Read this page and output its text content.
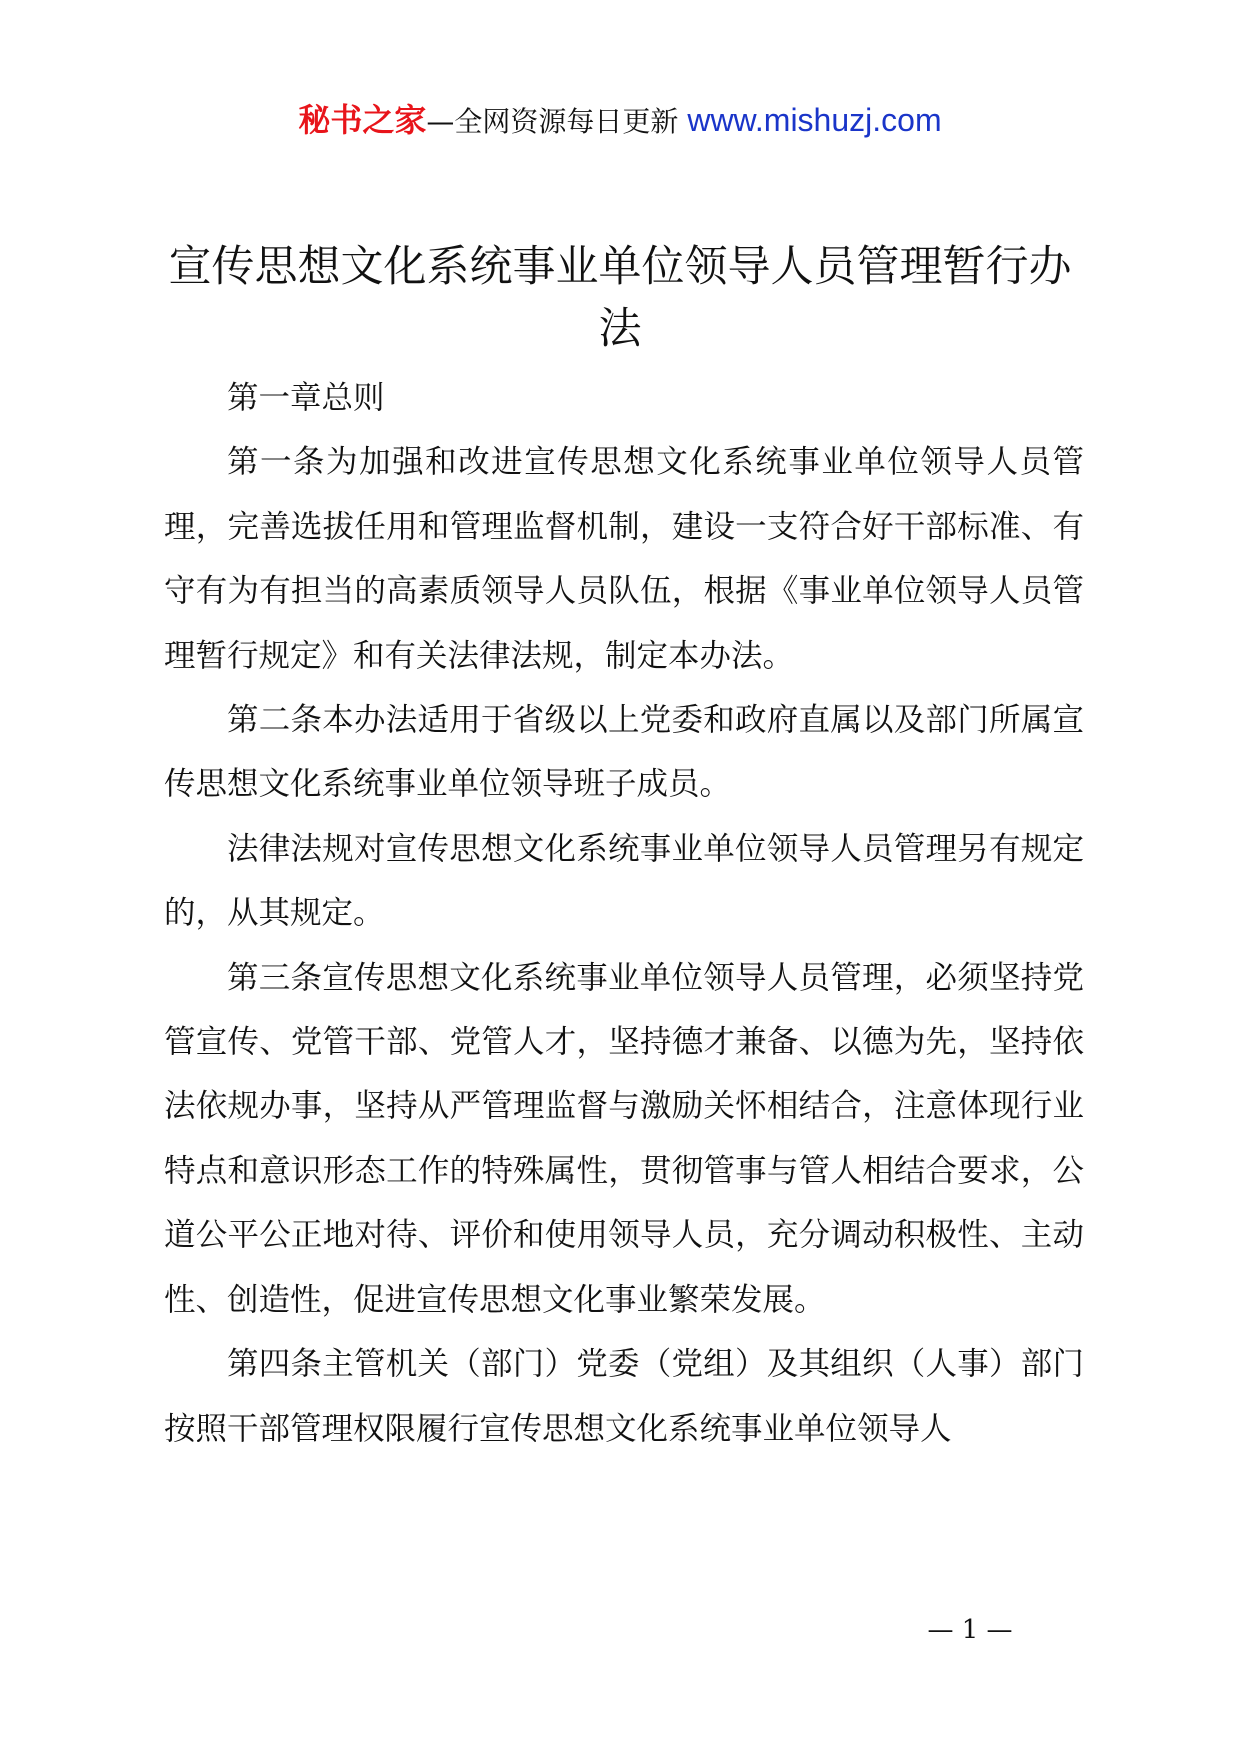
秘书之家—全网资源每日更新 www.mishuzj.com
宣传思想文化系统事业单位领导人员管理暂行办法

第一章总则

第一条为加强和改进宣传思想文化系统事业单位领导人员管理，完善选拔任用和管理监督机制，建设一支符合好干部标准、有守有为有担当的高素质领导人员队伍，根据《事业单位领导人员管理暂行规定》和有关法律法规，制定本办法。

第二条本办法适用于省级以上党委和政府直属以及部门所属宣传思想文化系统事业单位领导班子成员。

法律法规对宣传思想文化系统事业单位领导人员管理另有规定的，从其规定。

第三条宣传思想文化系统事业单位领导人员管理，必须坚持党管宣传、党管干部、党管人才，坚持德才兼备、以德为先，坚持依法依规办事，坚持从严管理监督与激励关怀相结合，注意体现行业特点和意识形态工作的特殊属性，贯彻管事与管人相结合要求，公道公平公正地对待、评价和使用领导人员，充分调动积极性、主动性、创造性，促进宣传思想文化事业繁荣发展。

第四条主管机关（部门）党委（党组）及其组织（人事）部门按照干部管理权限履行宣传思想文化系统事业单位领导人

— 1 —
